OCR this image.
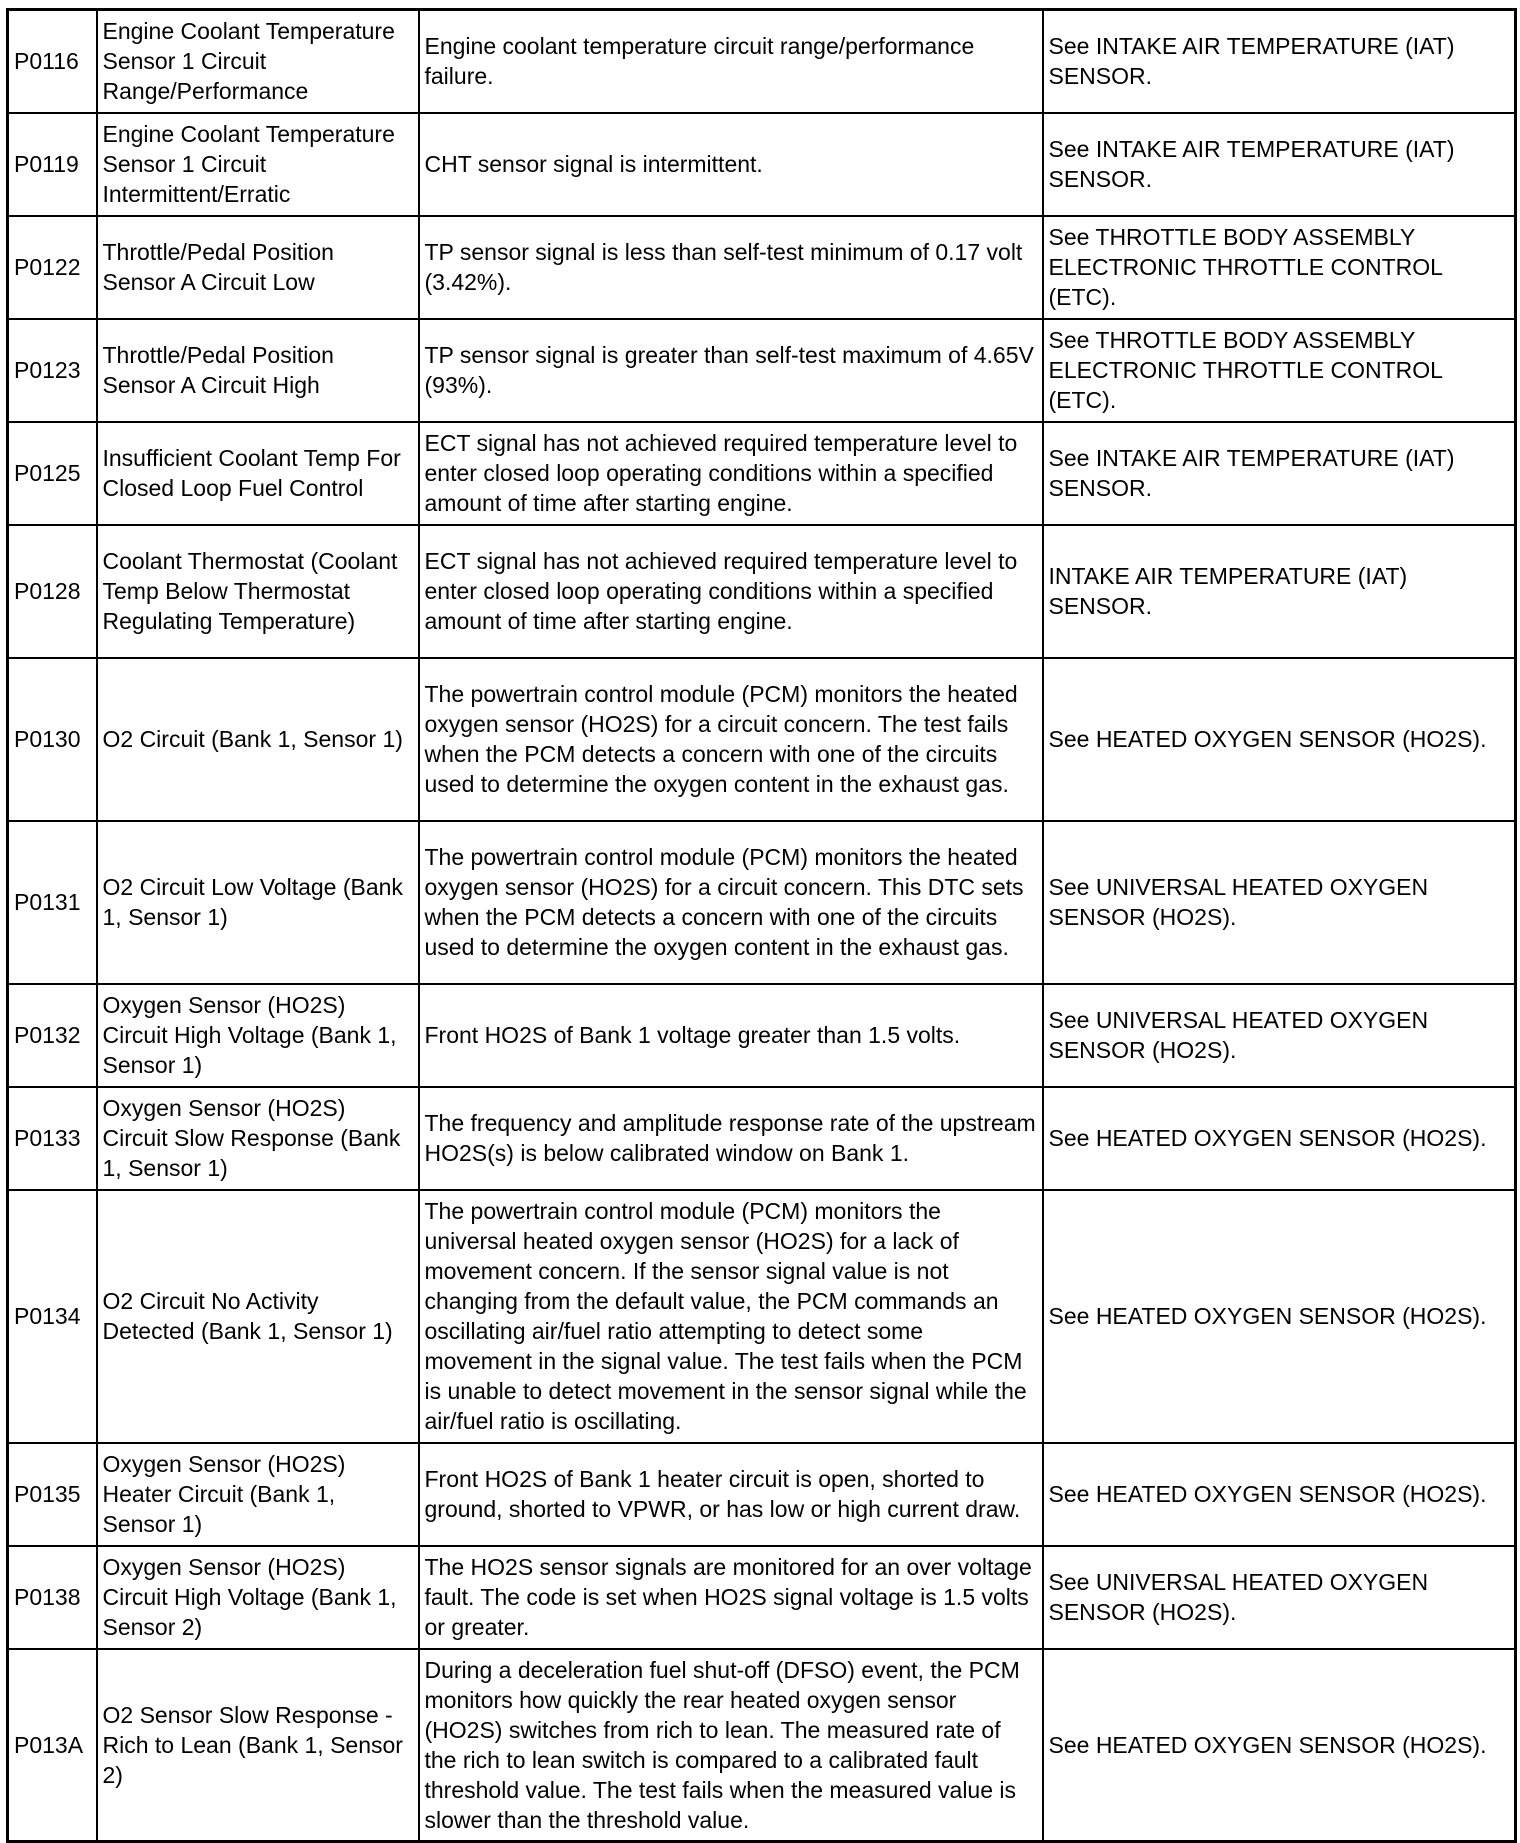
P0116	Engine Coolant Temperature Sensor 1 Circuit Range/Performance	Engine coolant temperature circuit range/performance failure.	See INTAKE AIR TEMPERATURE (IAT) SENSOR.
P0119	Engine Coolant Temperature Sensor 1 Circuit Intermittent/Erratic	CHT sensor signal is intermittent.	See INTAKE AIR TEMPERATURE (IAT) SENSOR.
P0122	Throttle/Pedal Position Sensor A Circuit Low	TP sensor signal is less than self-test minimum of 0.17 volt (3.42%).	See THROTTLE BODY ASSEMBLY ELECTRONIC THROTTLE CONTROL (ETC).
P0123	Throttle/Pedal Position Sensor A Circuit High	TP sensor signal is greater than self-test maximum of 4.65V (93%).	See THROTTLE BODY ASSEMBLY ELECTRONIC THROTTLE CONTROL (ETC).
P0125	Insufficient Coolant Temp For Closed Loop Fuel Control	ECT signal has not achieved required temperature level to enter closed loop operating conditions within a specified amount of time after starting engine.	See INTAKE AIR TEMPERATURE (IAT) SENSOR.
P0128	Coolant Thermostat (Coolant Temp Below Thermostat Regulating Temperature)	ECT signal has not achieved required temperature level to enter closed loop operating conditions within a specified amount of time after starting engine.	INTAKE AIR TEMPERATURE (IAT) SENSOR.
P0130	O2 Circuit (Bank 1, Sensor 1)	The powertrain control module (PCM) monitors the heated oxygen sensor (HO2S) for a circuit concern. The test fails when the PCM detects a concern with one of the circuits used to determine the oxygen content in the exhaust gas.	See HEATED OXYGEN SENSOR (HO2S).
P0131	O2 Circuit Low Voltage (Bank 1, Sensor 1)	The powertrain control module (PCM) monitors the heated oxygen sensor (HO2S) for a circuit concern. This DTC sets when the PCM detects a concern with one of the circuits used to determine the oxygen content in the exhaust gas.	See UNIVERSAL HEATED OXYGEN SENSOR (HO2S).
P0132	Oxygen Sensor (HO2S) Circuit High Voltage (Bank 1, Sensor 1)	Front HO2S of Bank 1 voltage greater than 1.5 volts.	See UNIVERSAL HEATED OXYGEN SENSOR (HO2S).
P0133	Oxygen Sensor (HO2S) Circuit Slow Response (Bank 1, Sensor 1)	The frequency and amplitude response rate of the upstream HO2S(s) is below calibrated window on Bank 1.	See HEATED OXYGEN SENSOR (HO2S).
P0134	O2 Circuit No Activity Detected (Bank 1, Sensor 1)	The powertrain control module (PCM) monitors the universal heated oxygen sensor (HO2S) for a lack of movement concern. If the sensor signal value is not changing from the default value, the PCM commands an oscillating air/fuel ratio attempting to detect some movement in the signal value. The test fails when the PCM is unable to detect movement in the sensor signal while the air/fuel ratio is oscillating.	See HEATED OXYGEN SENSOR (HO2S).
P0135	Oxygen Sensor (HO2S) Heater Circuit (Bank 1, Sensor 1)	Front HO2S of Bank 1 heater circuit is open, shorted to ground, shorted to VPWR, or has low or high current draw.	See HEATED OXYGEN SENSOR (HO2S).
P0138	Oxygen Sensor (HO2S) Circuit High Voltage (Bank 1, Sensor 2)	The HO2S sensor signals are monitored for an over voltage fault. The code is set when HO2S signal voltage is 1.5 volts or greater.	See UNIVERSAL HEATED OXYGEN SENSOR (HO2S).
P013A	O2 Sensor Slow Response - Rich to Lean (Bank 1, Sensor 2)	During a deceleration fuel shut-off (DFSO) event, the PCM monitors how quickly the rear heated oxygen sensor (HO2S) switches from rich to lean. The measured rate of the rich to lean switch is compared to a calibrated fault threshold value. The test fails when the measured value is slower than the threshold value.	See HEATED OXYGEN SENSOR (HO2S).
